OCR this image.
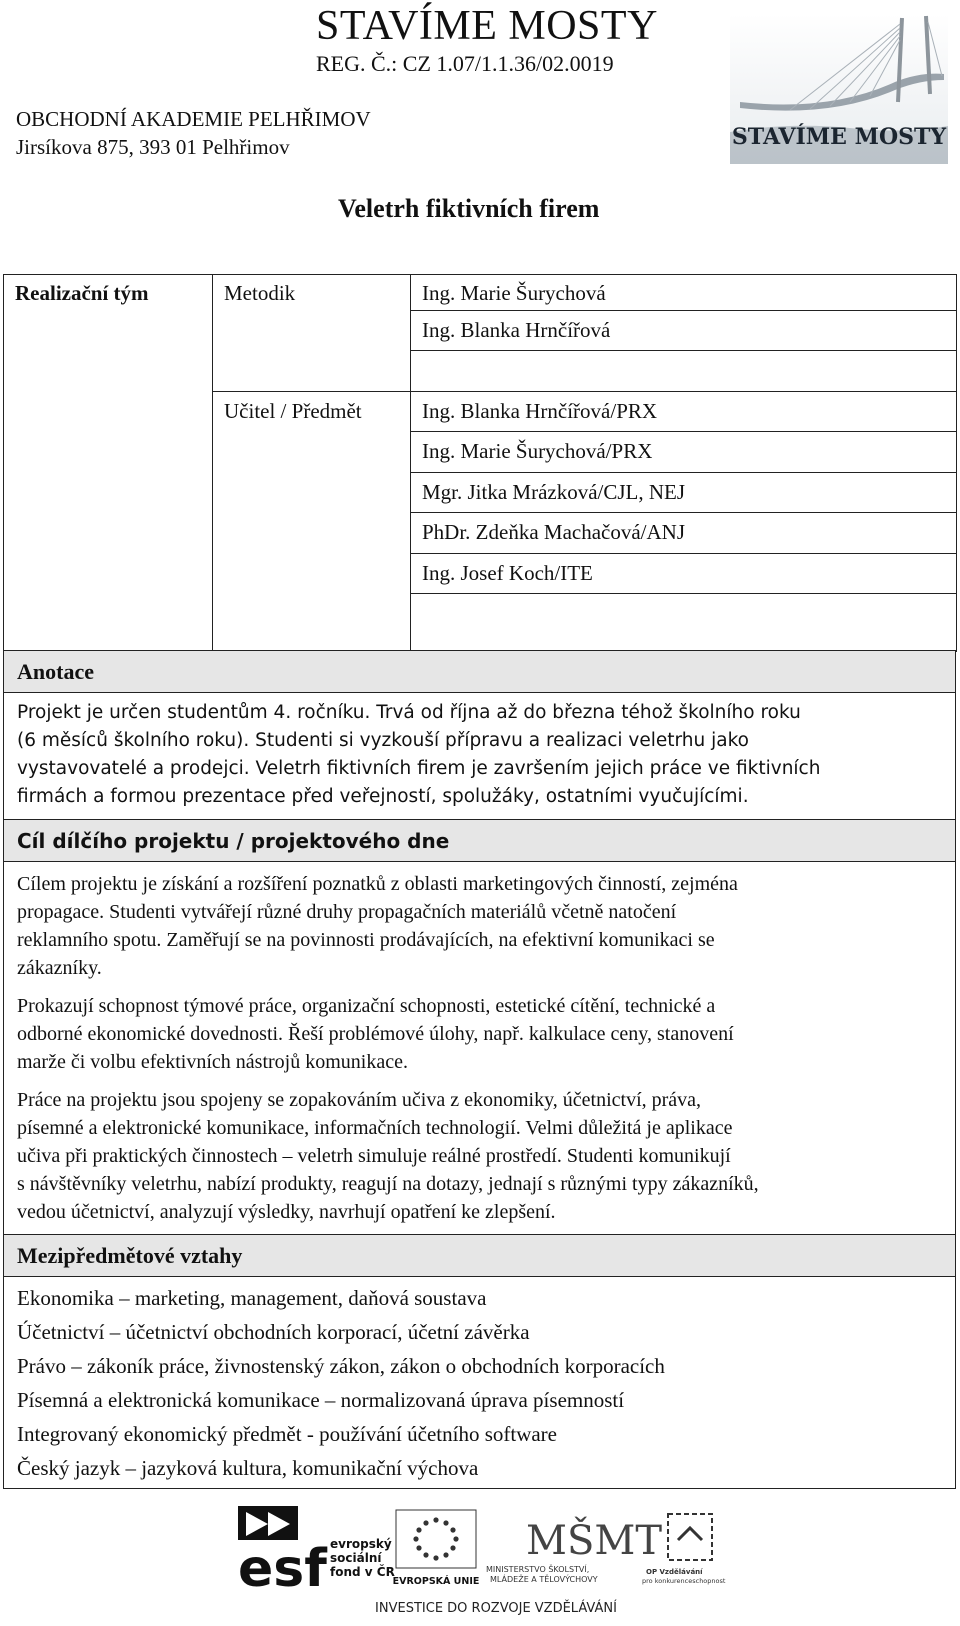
STAVÍME MOSTY
REG. Č.: CZ 1.07/1.1.36/02.0019
OBCHODNÍ AKADEMIE PELHŘIMOV
Jirsíkova 875, 393 01 Pelhřimov
Veletrh fiktivních firem
STAVÍME MOSTY
Realizační tým	Metodik	Ing. Marie Šurychová
Ing. Blanka Hrnčířová
Učitel / Předmět	Ing. Blanka Hrnčířová/PRX
Ing. Marie Šurychová/PRX
Mgr. Jitka Mrázková/CJL, NEJ
PhDr. Zdeňka Machačová/ANJ
Ing. Josef Koch/ITE
Anotace
Projekt je určen studentům 4. ročníku. Trvá od října až do března téhož školního roku
(6 měsíců školního roku). Studenti si vyzkouší přípravu a realizaci veletrhu jako
vystavovatelé a prodejci. Veletrh fiktivních firem je završením jejich práce ve fiktivních
firmách a formou prezentace před veřejností, spolužáky, ostatními vyučujícími.
Cíl dílčího projektu / projektového dne

Cílem projektu je získání a rozšíření poznatků z oblasti marketingových činností, zejména
propagace. Studenti vytvářejí různé druhy propagačních materiálů včetně natočení
reklamního spotu. Zaměřují se na povinnosti prodávajících, na efektivní komunikaci se
zákazníky.

Prokazují schopnost týmové práce, organizační schopnosti, estetické cítění, technické a
odborné ekonomické dovednosti. Řeší problémové úlohy, např. kalkulace ceny, stanovení
marže či volbu efektivních nástrojů komunikace.

Práce na projektu jsou spojeny se zopakováním učiva z ekonomiky, účetnictví, práva,
písemné a elektronické komunikace, informačních technologií. Velmi důležitá je aplikace
učiva při praktických činnostech – veletrh simuluje reálné prostředí. Studenti komunikují
s návštěvníky veletrhu, nabízí produkty, reagují na dotazy, jednají s různými typy zákazníků,
vedou účetnictví, analyzují výsledky, navrhují opatření ke zlepšení.

Mezipředmětové vztahy
Ekonomika – marketing, management, daňová soustava
Účetnictví – účetnictví obchodních korporací, účetní závěrka
Právo – zákoník práce, živnostenský zákon, zákon o obchodních korporacích
Písemná a elektronická komunikace – normalizovaná úprava písemností
Integrovaný ekonomický předmět - používání účetního software
Český jazyk – jazyková kultura, komunikační výchova
esf evropský
sociální
fond v ČR
EVROPSKÁ UNIE
MŠMT
MINISTERSTVO ŠKOLSTVÍ,
MLÁDEŽE A TĚLOVÝCHOVY
OP Vzdělávání
pro konkurenceschopnost
INVESTICE DO ROZVOJE VZDĚLÁVÁNÍ
